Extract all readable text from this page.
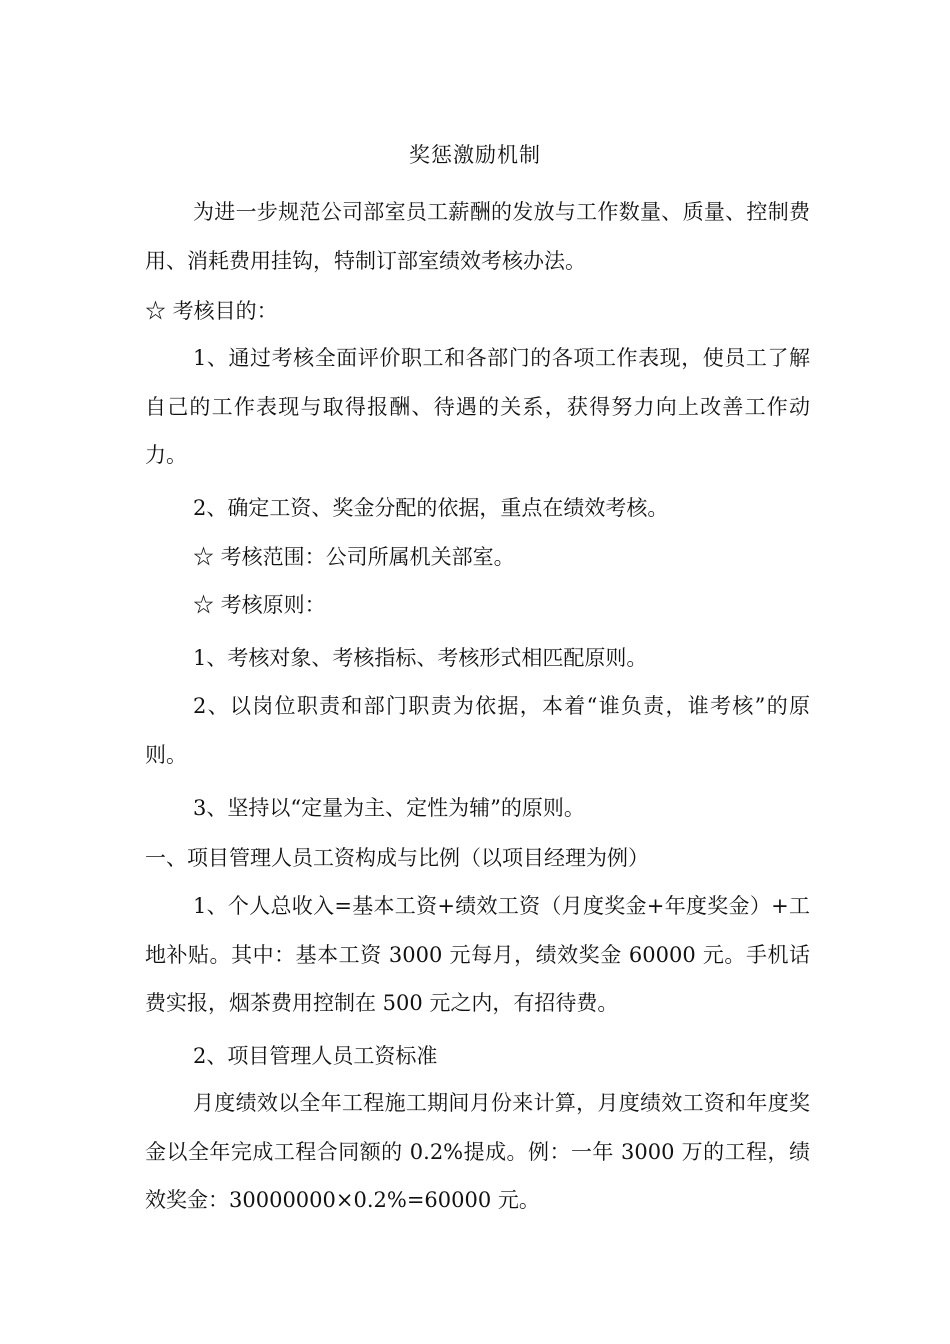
奖惩激励机制
为进一步规范公司部室员工薪酬的发放与工作数量、质量、控制费用、消耗费用挂钩，特制订部室绩效考核办法。
☆ 考核目的：
1、通过考核全面评价职工和各部门的各项工作表现，使员工了解自己的工作表现与取得报酬、待遇的关系，获得努力向上改善工作动力。
2、确定工资、奖金分配的依据，重点在绩效考核。
☆ 考核范围：公司所属机关部室。
☆ 考核原则：
1、考核对象、考核指标、考核形式相匹配原则。
2、以岗位职责和部门职责为依据，本着“谁负责，谁考核”的原则。
3、坚持以“定量为主、定性为辅”的原则。
一、项目管理人员工资构成与比例（以项目经理为例）
1、个人总收入=基本工资+绩效工资（月度奖金+年度奖金）+工地补贴。其中：基本工资 3000 元每月，绩效奖金 60000 元。手机话费实报，烟茶费用控制在 500 元之内，有招待费。
2、项目管理人员工资标准
月度绩效以全年工程施工期间月份来计算，月度绩效工资和年度奖金以全年完成工程合同额的 0.2%提成。例：一年 3000 万的工程，绩效奖金：30000000×0.2%=60000 元。
